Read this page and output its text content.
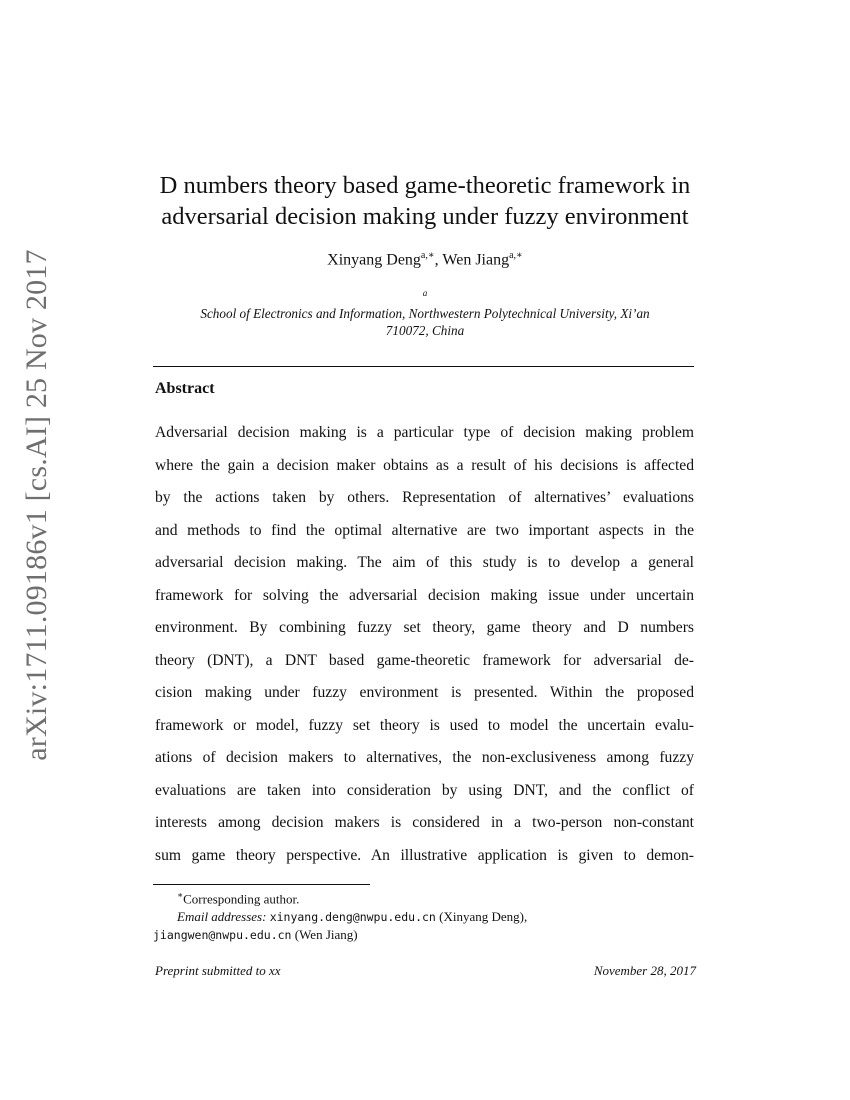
arXiv:1711.09186v1 [cs.AI] 25 Nov 2017
D numbers theory based game-theoretic framework in
adversarial decision making under fuzzy environment
Xinyang Deng$^{a,∗}$, Wen Jiang$^{a,∗}$
$^a$
School of Electronics and Information, Northwestern Polytechnical University, Xi’an
710072, China
Abstract
Adversarial decision making is a particular type of decision making problem
where the gain a decision maker obtains as a result of his decisions is affected
by the actions taken by others. Representation of alternatives’ evaluations
and methods to find the optimal alternative are two important aspects in the
adversarial decision making. The aim of this study is to develop a general
framework for solving the adversarial decision making issue under uncertain
environment. By combining fuzzy set theory, game theory and D numbers
theory (DNT), a DNT based game-theoretic framework for adversarial de-
cision making under fuzzy environment is presented. Within the proposed
framework or model, fuzzy set theory is used to model the uncertain evalu-
ations of decision makers to alternatives, the non-exclusiveness among fuzzy
evaluations are taken into consideration by using DNT, and the conflict of
interests among decision makers is considered in a two-person non-constant
sum game theory perspective. An illustrative application is given to demon-
∗Corresponding author.
Email addresses: xinyang.deng@nwpu.edu.cn (Xinyang Deng),
jiangwen@nwpu.edu.cn (Wen Jiang)
Preprint submitted to xx	November 28, 2017
